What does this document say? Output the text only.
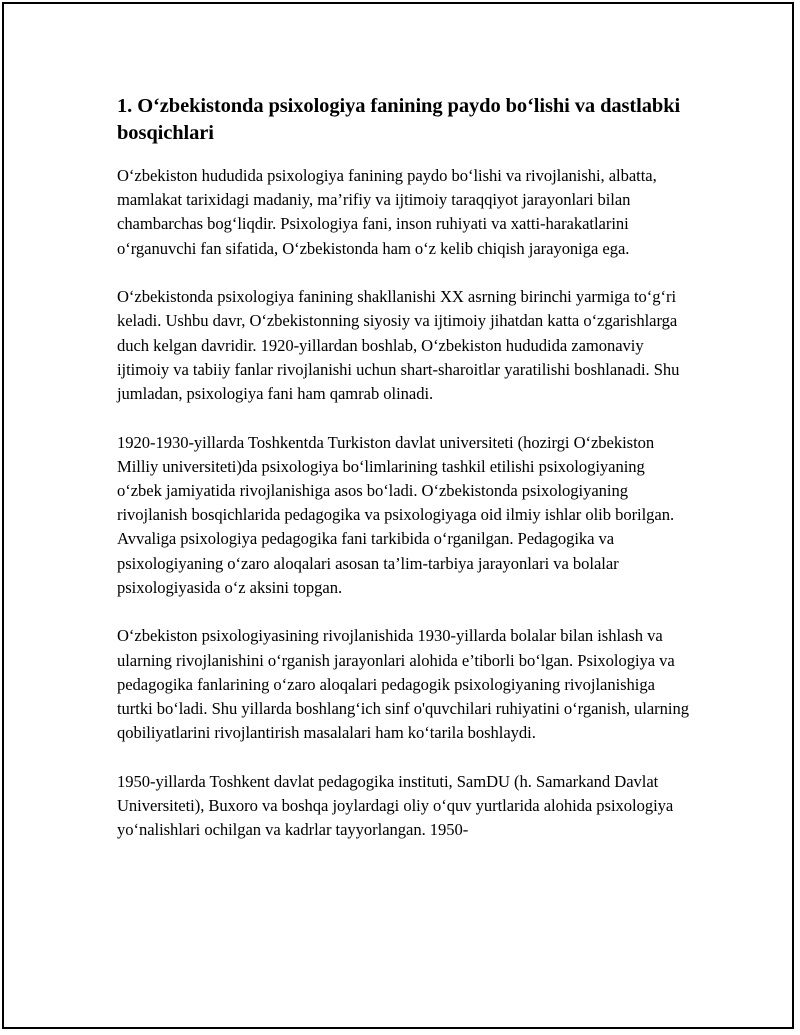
1. O‘zbekistonda psixologiya fanining paydo bo‘lishi va dastlabki bosqichlari

O‘zbekiston hududida psixologiya fanining paydo bo‘lishi va rivojlanishi, albatta, mamlakat tarixidagi madaniy, ma’rifiy va ijtimoiy taraqqiyot jarayonlari bilan chambarchas bog‘liqdir. Psixologiya fani, inson ruhiyati va xatti-harakatlarini o‘rganuvchi fan sifatida, O‘zbekistonda ham o‘z kelib chiqish jarayoniga ega.

O‘zbekistonda psixologiya fanining shakllanishi XX asrning birinchi yarmiga to‘g‘ri keladi. Ushbu davr, O‘zbekistonning siyosiy va ijtimoiy jihatdan katta o‘zgarishlarga duch kelgan davridir. 1920-yillardan boshlab, O‘zbekiston hududida zamonaviy ijtimoiy va tabiiy fanlar rivojlanishi uchun shart-sharoitlar yaratilishi boshlanadi. Shu jumladan, psixologiya fani ham qamrab olinadi.

1920-1930-yillarda Toshkentda Turkiston davlat universiteti (hozirgi O‘zbekiston Milliy universiteti)da psixologiya bo‘limlarining tashkil etilishi psixologiyaning o‘zbek jamiyatida rivojlanishiga asos bo‘ladi. O‘zbekistonda psixologiyaning rivojlanish bosqichlarida pedagogika va psixologiyaga oid ilmiy ishlar olib borilgan. Avvaliga psixologiya pedagogika fani tarkibida o‘rganilgan. Pedagogika va psixologiyaning o‘zaro aloqalari asosan ta’lim-tarbiya jarayonlari va bolalar psixologiyasida o‘z aksini topgan.

O‘zbekiston psixologiyasining rivojlanishida 1930-yillarda bolalar bilan ishlash va ularning rivojlanishini o‘rganish jarayonlari alohida e’tiborli bo‘lgan. Psixologiya va pedagogika fanlarining o‘zaro aloqalari pedagogik psixologiyaning rivojlanishiga turtki bo‘ladi. Shu yillarda boshlang‘ich sinf o'quvchilari ruhiyatini o‘rganish, ularning qobiliyatlarini rivojlantirish masalalari ham ko‘tarila boshlaydi.

1950-yillarda Toshkent davlat pedagogika instituti, SamDU (h. Samarkand Davlat Universiteti), Buxoro va boshqa joylardagi oliy o‘quv yurtlarida alohida psixologiya yo‘nalishlari ochilgan va kadrlar tayyorlangan. 1950-
